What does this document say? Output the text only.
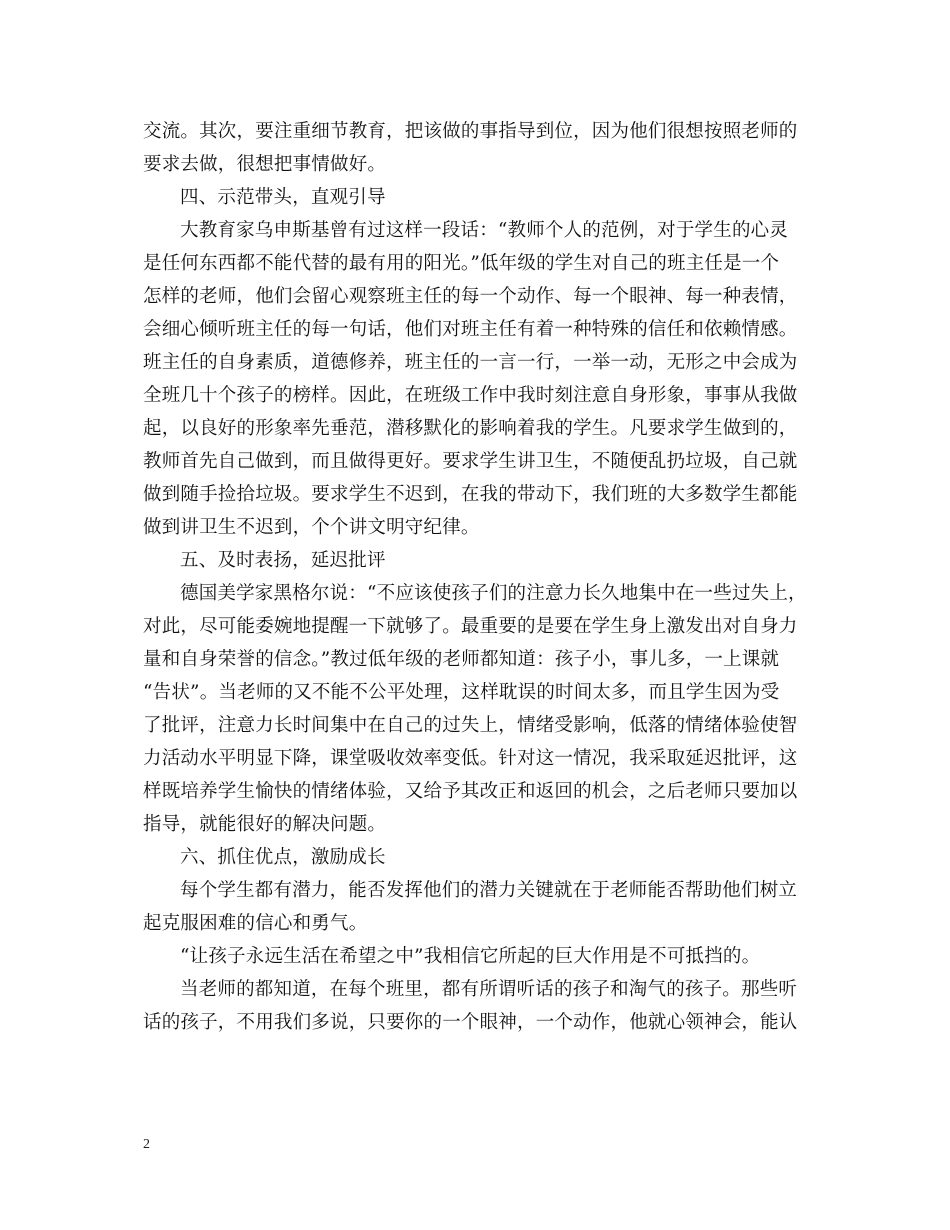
交流。其次，要注重细节教育，把该做的事指导到位，因为他们很想按照老师的
要求去做，很想把事情做好。
四、示范带头，直观引导
大教育家乌申斯基曾有过这样一段话：“教师个人的范例，对于学生的心灵
是任何东西都不能代替的最有用的阳光。”低年级的学生对自己的班主任是一个
怎样的老师，他们会留心观察班主任的每一个动作、每一个眼神、每一种表情，
会细心倾听班主任的每一句话，他们对班主任有着一种特殊的信任和依赖情感。
班主任的自身素质，道德修养，班主任的一言一行，一举一动，无形之中会成为
全班几十个孩子的榜样。因此，在班级工作中我时刻注意自身形象，事事从我做
起，以良好的形象率先垂范，潜移默化的影响着我的学生。凡要求学生做到的，
教师首先自己做到，而且做得更好。要求学生讲卫生，不随便乱扔垃圾，自己就
做到随手捡拾垃圾。要求学生不迟到，在我的带动下，我们班的大多数学生都能
做到讲卫生不迟到，个个讲文明守纪律。
五、及时表扬，延迟批评
德国美学家黑格尔说：“不应该使孩子们的注意力长久地集中在一些过失上，
对此，尽可能委婉地提醒一下就够了。最重要的是要在学生身上激发出对自身力
量和自身荣誉的信念。”教过低年级的老师都知道：孩子小，事儿多，一上课就
“告状”。当老师的又不能不公平处理，这样耽误的时间太多，而且学生因为受
了批评，注意力长时间集中在自己的过失上，情绪受影响，低落的情绪体验使智
力活动水平明显下降，课堂吸收效率变低。针对这一情况，我采取延迟批评，这
样既培养学生愉快的情绪体验，又给予其改正和返回的机会，之后老师只要加以
指导，就能很好的解决问题。
六、抓住优点，激励成长
每个学生都有潜力，能否发挥他们的潜力关键就在于老师能否帮助他们树立
起克服困难的信心和勇气。
“让孩子永远生活在希望之中”我相信它所起的巨大作用是不可抵挡的。
当老师的都知道，在每个班里，都有所谓听话的孩子和淘气的孩子。那些听
话的孩子，不用我们多说，只要你的一个眼神，一个动作，他就心领神会，能认
2
